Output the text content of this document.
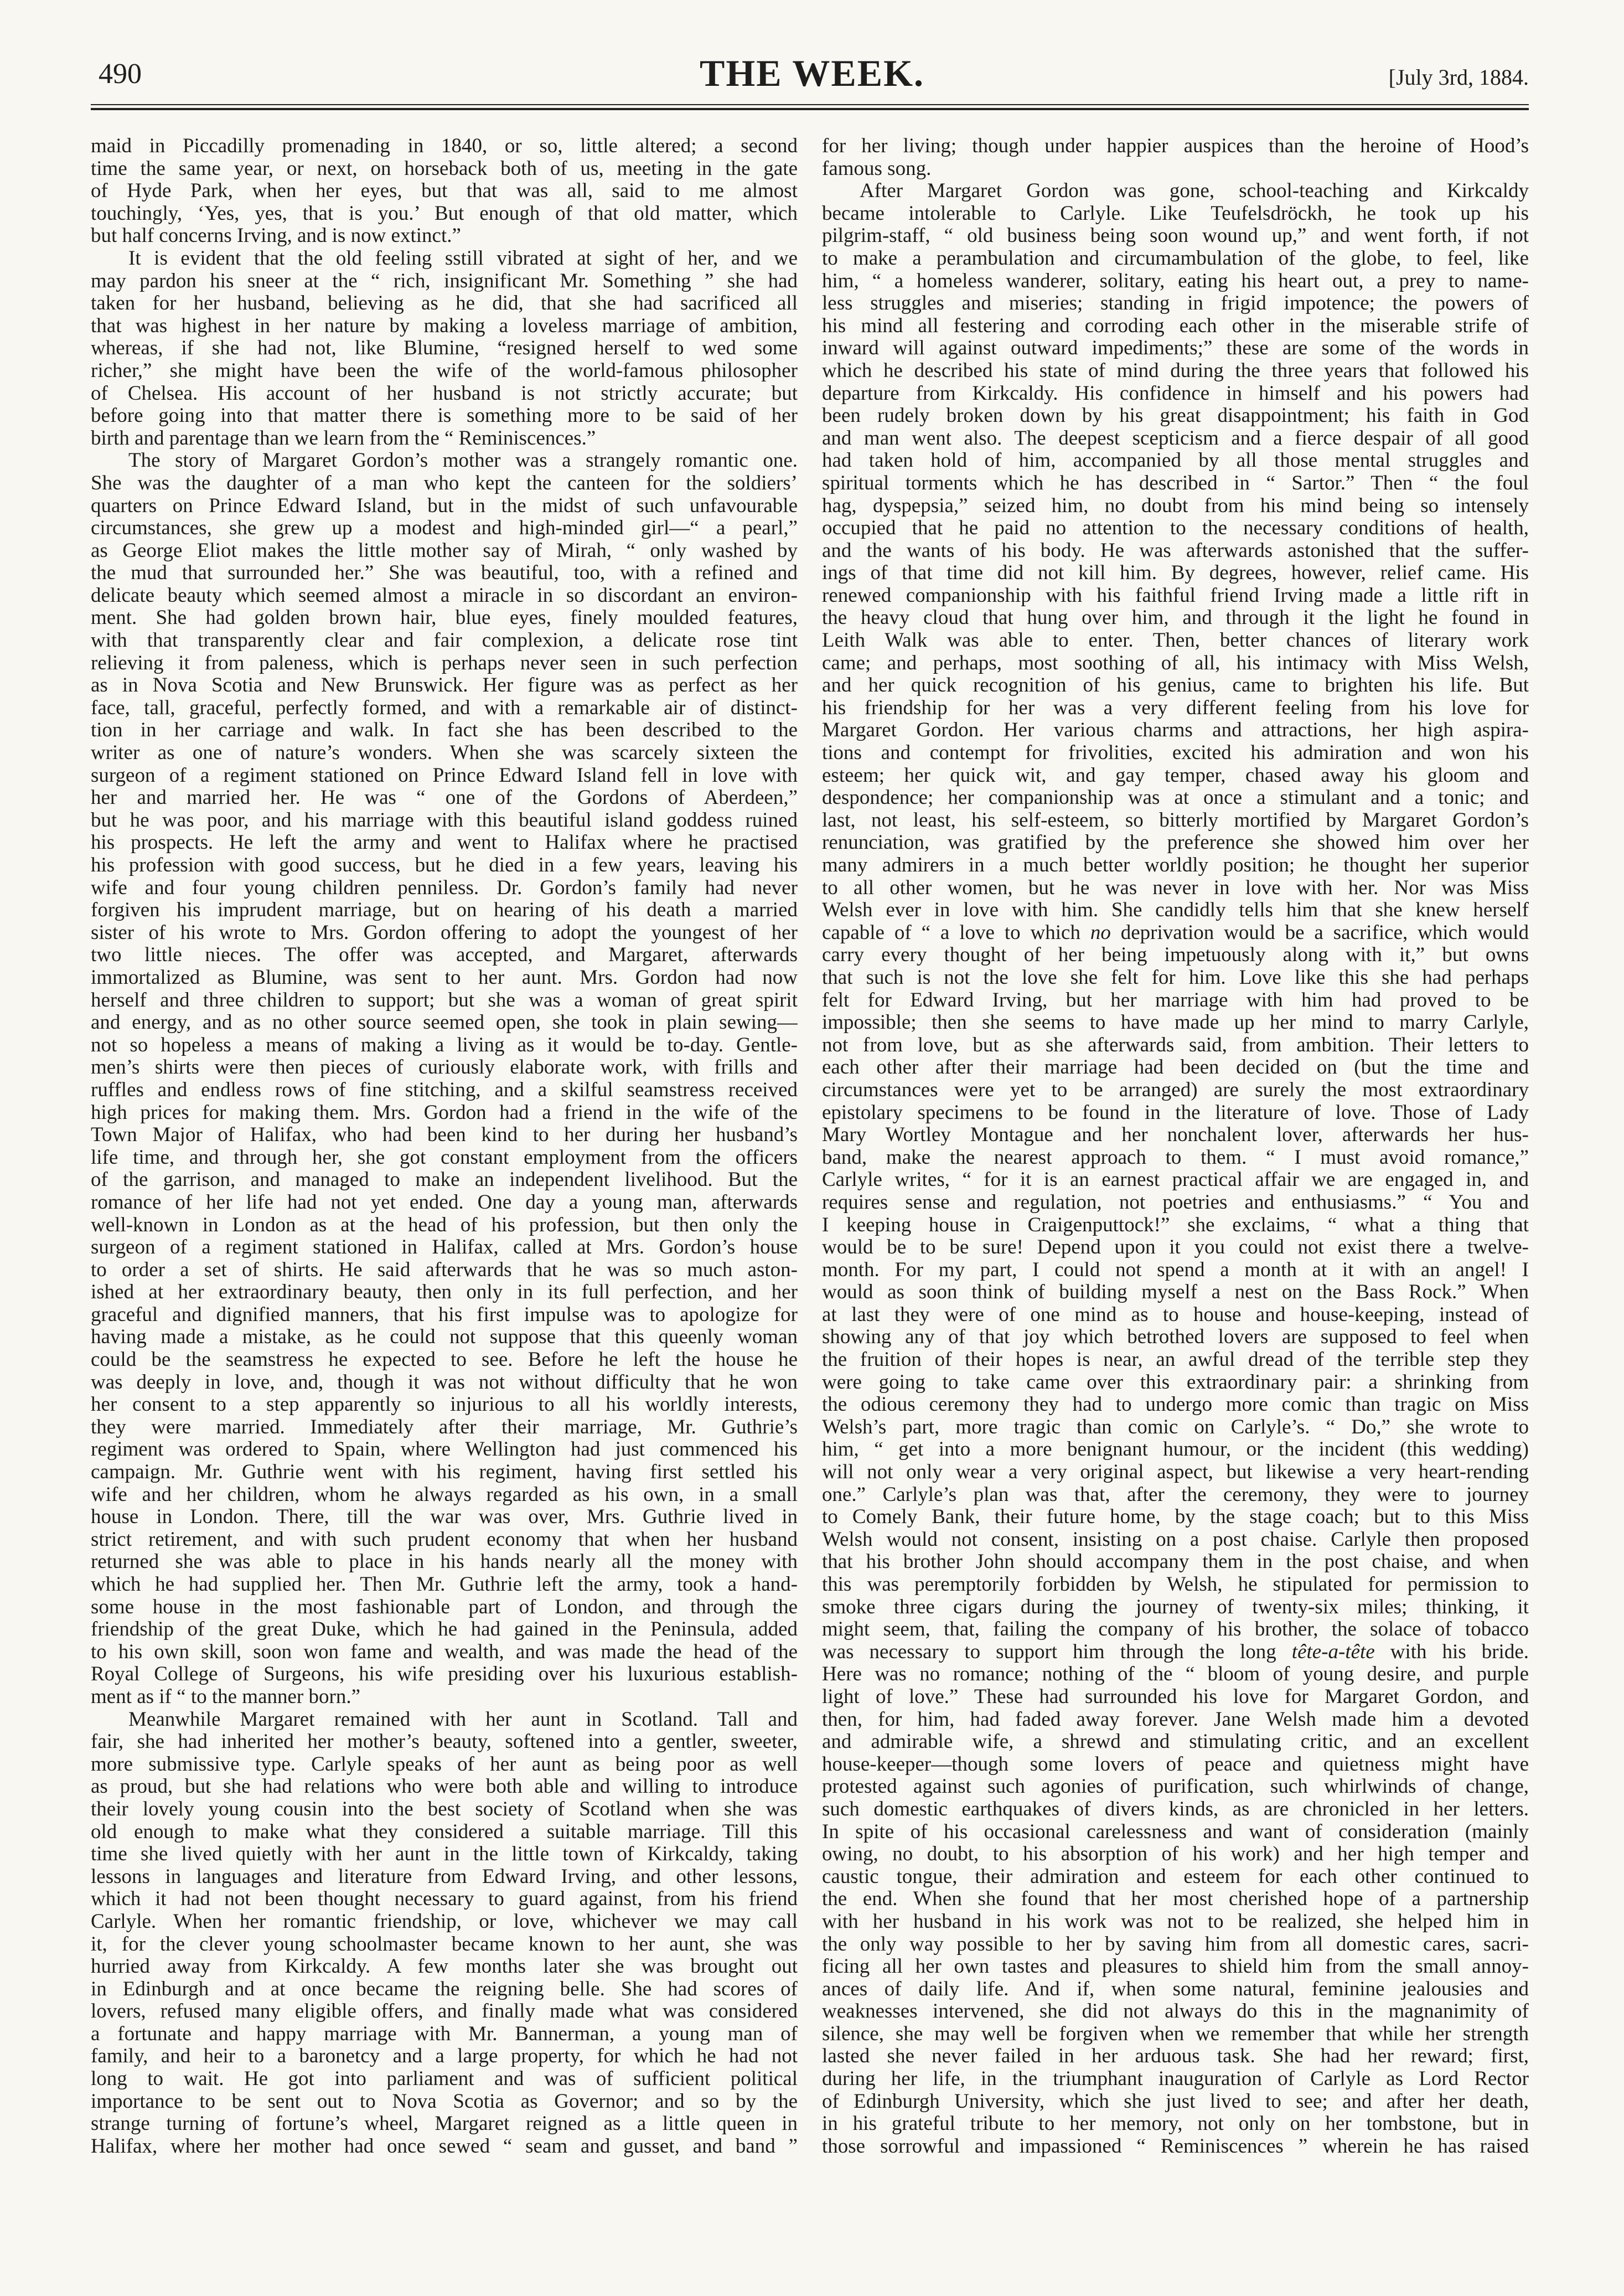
490	THE WEEK.	[July 3rd, 1884.
maid in Piccadilly promenading in 1840, or so, little altered; a second
time the same year, or next, on horseback both of us, meeting in the gate
of Hyde Park, when her eyes, but that was all, said to me almost
touchingly, ‘Yes, yes, that is you.’ But enough of that old matter, which
but half concerns Irving, and is now extinct.”
It is evident that the old feeling sstill vibrated at sight of her, and we
may pardon his sneer at the “ rich, insignificant Mr. Something ” she had
taken for her husband, believing as he did, that she had sacrificed all
that was highest in her nature by making a loveless marriage of ambition,
whereas, if she had not, like Blumine, “resigned herself to wed some
richer,” she might have been the wife of the world-famous philosopher
of Chelsea. His account of her husband is not strictly accurate; but
before going into that matter there is something more to be said of her
birth and parentage than we learn from the “ Reminiscences.”
The story of Margaret Gordon’s mother was a strangely romantic one.
She was the daughter of a man who kept the canteen for the soldiers’
quarters on Prince Edward Island, but in the midst of such unfavourable
circumstances, she grew up a modest and high-minded girl—“ a pearl,”
as George Eliot makes the little mother say of Mirah, “ only washed by
the mud that surrounded her.” She was beautiful, too, with a refined and
delicate beauty which seemed almost a miracle in so discordant an environ-
ment. She had golden brown hair, blue eyes, finely moulded features,
with that transparently clear and fair complexion, a delicate rose tint
relieving it from paleness, which is perhaps never seen in such perfection
as in Nova Scotia and New Brunswick. Her figure was as perfect as her
face, tall, graceful, perfectly formed, and with a remarkable air of distinct-
tion in her carriage and walk. In fact she has been described to the
writer as one of nature’s wonders. When she was scarcely sixteen the
surgeon of a regiment stationed on Prince Edward Island fell in love with
her and married her. He was “ one of the Gordons of Aberdeen,”
but he was poor, and his marriage with this beautiful island goddess ruined
his prospects. He left the army and went to Halifax where he practised
his profession with good success, but he died in a few years, leaving his
wife and four young children penniless. Dr. Gordon’s family had never
forgiven his imprudent marriage, but on hearing of his death a married
sister of his wrote to Mrs. Gordon offering to adopt the youngest of her
two little nieces. The offer was accepted, and Margaret, afterwards
immortalized as Blumine, was sent to her aunt. Mrs. Gordon had now
herself and three children to support; but she was a woman of great spirit
and energy, and as no other source seemed open, she took in plain sewing—
not so hopeless a means of making a living as it would be to-day. Gentle-
men’s shirts were then pieces of curiously elaborate work, with frills and
ruffles and endless rows of fine stitching, and a skilful seamstress received
high prices for making them. Mrs. Gordon had a friend in the wife of the
Town Major of Halifax, who had been kind to her during her husband’s
life time, and through her, she got constant employment from the officers
of the garrison, and managed to make an independent livelihood. But the
romance of her life had not yet ended. One day a young man, afterwards
well-known in London as at the head of his profession, but then only the
surgeon of a regiment stationed in Halifax, called at Mrs. Gordon’s house
to order a set of shirts. He said afterwards that he was so much aston-
ished at her extraordinary beauty, then only in its full perfection, and her
graceful and dignified manners, that his first impulse was to apologize for
having made a mistake, as he could not suppose that this queenly woman
could be the seamstress he expected to see. Before he left the house he
was deeply in love, and, though it was not without difficulty that he won
her consent to a step apparently so injurious to all his worldly interests,
they were married. Immediately after their marriage, Mr. Guthrie’s
regiment was ordered to Spain, where Wellington had just commenced his
campaign. Mr. Guthrie went with his regiment, having first settled his
wife and her children, whom he always regarded as his own, in a small
house in London. There, till the war was over, Mrs. Guthrie lived in
strict retirement, and with such prudent economy that when her husband
returned she was able to place in his hands nearly all the money with
which he had supplied her. Then Mr. Guthrie left the army, took a hand-
some house in the most fashionable part of London, and through the
friendship of the great Duke, which he had gained in the Peninsula, added
to his own skill, soon won fame and wealth, and was made the head of the
Royal College of Surgeons, his wife presiding over his luxurious establish-
ment as if “ to the manner born.”
Meanwhile Margaret remained with her aunt in Scotland. Tall and
fair, she had inherited her mother’s beauty, softened into a gentler, sweeter,
more submissive type. Carlyle speaks of her aunt as being poor as well
as proud, but she had relations who were both able and willing to introduce
their lovely young cousin into the best society of Scotland when she was
old enough to make what they considered a suitable marriage. Till this
time she lived quietly with her aunt in the little town of Kirkcaldy, taking
lessons in languages and literature from Edward Irving, and other lessons,
which it had not been thought necessary to guard against, from his friend
Carlyle. When her romantic friendship, or love, whichever we may call
it, for the clever young schoolmaster became known to her aunt, she was
hurried away from Kirkcaldy. A few months later she was brought out
in Edinburgh and at once became the reigning belle. She had scores of
lovers, refused many eligible offers, and finally made what was considered
a fortunate and happy marriage with Mr. Bannerman, a young man of
family, and heir to a baronetcy and a large property, for which he had not
long to wait. He got into parliament and was of sufficient political
importance to be sent out to Nova Scotia as Governor; and so by the
strange turning of fortune’s wheel, Margaret reigned as a little queen in
Halifax, where her mother had once sewed “ seam and gusset, and band ”
for her living; though under happier auspices than the heroine of Hood’s
famous song.
After Margaret Gordon was gone, school-teaching and Kirkcaldy
became intolerable to Carlyle. Like Teufelsdröckh, he took up his
pilgrim-staff, “ old business being soon wound up,” and went forth, if not
to make a perambulation and circumambulation of the globe, to feel, like
him, “ a homeless wanderer, solitary, eating his heart out, a prey to name-
less struggles and miseries; standing in frigid impotence; the powers of
his mind all festering and corroding each other in the miserable strife of
inward will against outward impediments;” these are some of the words in
which he described his state of mind during the three years that followed his
departure from Kirkcaldy. His confidence in himself and his powers had
been rudely broken down by his great disappointment; his faith in God
and man went also. The deepest scepticism and a fierce despair of all good
had taken hold of him, accompanied by all those mental struggles and
spiritual torments which he has described in “ Sartor.” Then “ the foul
hag, dyspepsia,” seized him, no doubt from his mind being so intensely
occupied that he paid no attention to the necessary conditions of health,
and the wants of his body. He was afterwards astonished that the suffer-
ings of that time did not kill him. By degrees, however, relief came. His
renewed companionship with his faithful friend Irving made a little rift in
the heavy cloud that hung over him, and through it the light he found in
Leith Walk was able to enter. Then, better chances of literary work
came; and perhaps, most soothing of all, his intimacy with Miss Welsh,
and her quick recognition of his genius, came to brighten his life. But
his friendship for her was a very different feeling from his love for
Margaret Gordon. Her various charms and attractions, her high aspira-
tions and contempt for frivolities, excited his admiration and won his
esteem; her quick wit, and gay temper, chased away his gloom and
despondence; her companionship was at once a stimulant and a tonic; and
last, not least, his self-esteem, so bitterly mortified by Margaret Gordon’s
renunciation, was gratified by the preference she showed him over her
many admirers in a much better worldly position; he thought her superior
to all other women, but he was never in love with her. Nor was Miss
Welsh ever in love with him. She candidly tells him that she knew herself
capable of “ a love to which no deprivation would be a sacrifice, which would
carry every thought of her being impetuously along with it,” but owns
that such is not the love she felt for him. Love like this she had perhaps
felt for Edward Irving, but her marriage with him had proved to be
impossible; then she seems to have made up her mind to marry Carlyle,
not from love, but as she afterwards said, from ambition. Their letters to
each other after their marriage had been decided on (but the time and
circumstances were yet to be arranged) are surely the most extraordinary
epistolary specimens to be found in the literature of love. Those of Lady
Mary Wortley Montague and her nonchalent lover, afterwards her hus-
band, make the nearest approach to them. “ I must avoid romance,”
Carlyle writes, “ for it is an earnest practical affair we are engaged in, and
requires sense and regulation, not poetries and enthusiasms.” “ You and
I keeping house in Craigenputtock!” she exclaims, “ what a thing that
would be to be sure! Depend upon it you could not exist there a twelve-
month. For my part, I could not spend a month at it with an angel! I
would as soon think of building myself a nest on the Bass Rock.” When
at last they were of one mind as to house and house-keeping, instead of
showing any of that joy which betrothed lovers are supposed to feel when
the fruition of their hopes is near, an awful dread of the terrible step they
were going to take came over this extraordinary pair: a shrinking from
the odious ceremony they had to undergo more comic than tragic on Miss
Welsh’s part, more tragic than comic on Carlyle’s. “ Do,” she wrote to
him, “ get into a more benignant humour, or the incident (this wedding)
will not only wear a very original aspect, but likewise a very heart-rending
one.” Carlyle’s plan was that, after the ceremony, they were to journey
to Comely Bank, their future home, by the stage coach; but to this Miss
Welsh would not consent, insisting on a post chaise. Carlyle then proposed
that his brother John should accompany them in the post chaise, and when
this was peremptorily forbidden by Welsh, he stipulated for permission to
smoke three cigars during the journey of twenty-six miles; thinking, it
might seem, that, failing the company of his brother, the solace of tobacco
was necessary to support him through the long tête-a-tête with his bride.
Here was no romance; nothing of the “ bloom of young desire, and purple
light of love.” These had surrounded his love for Margaret Gordon, and
then, for him, had faded away forever. Jane Welsh made him a devoted
and admirable wife, a shrewd and stimulating critic, and an excellent
house-keeper—though some lovers of peace and quietness might have
protested against such agonies of purification, such whirlwinds of change,
such domestic earthquakes of divers kinds, as are chronicled in her letters.
In spite of his occasional carelessness and want of consideration (mainly
owing, no doubt, to his absorption of his work) and her high temper and
caustic tongue, their admiration and esteem for each other continued to
the end. When she found that her most cherished hope of a partnership
with her husband in his work was not to be realized, she helped him in
the only way possible to her by saving him from all domestic cares, sacri-
ficing all her own tastes and pleasures to shield him from the small annoy-
ances of daily life. And if, when some natural, feminine jealousies and
weaknesses intervened, she did not always do this in the magnanimity of
silence, she may well be forgiven when we remember that while her strength
lasted she never failed in her arduous task. She had her reward; first,
during her life, in the triumphant inauguration of Carlyle as Lord Rector
of Edinburgh University, which she just lived to see; and after her death,
in his grateful tribute to her memory, not only on her tombstone, but in
those sorrowful and impassioned “ Reminiscences ” wherein he has raised
